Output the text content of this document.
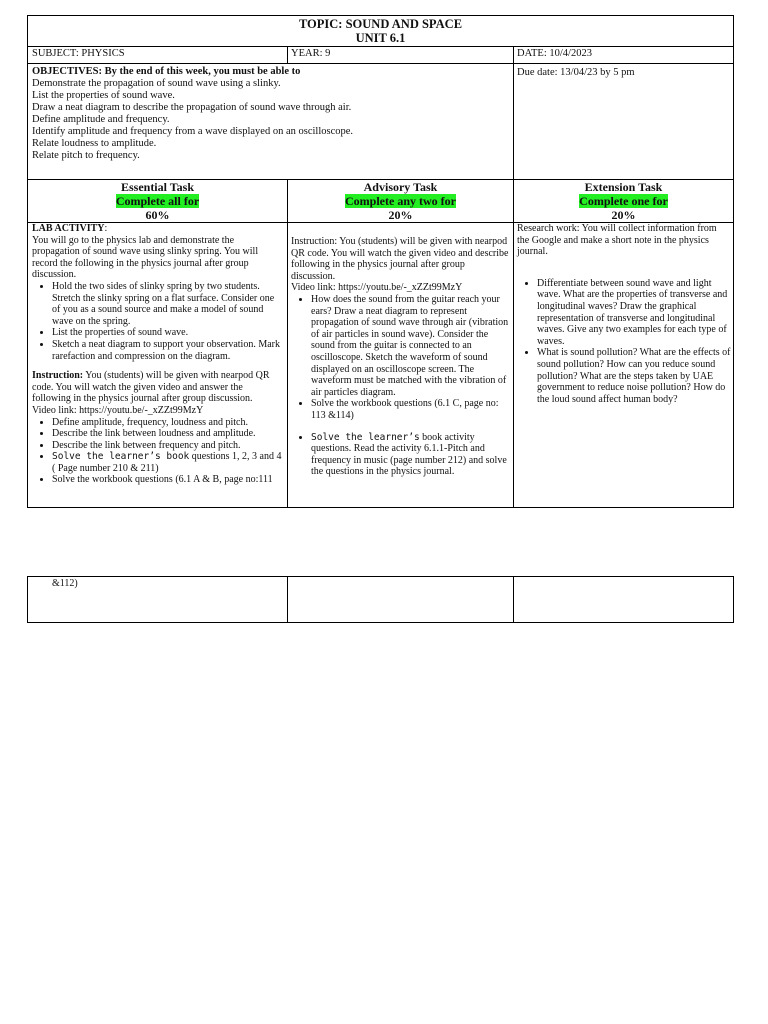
TOPIC: SOUND AND SPACE
UNIT 6.1
SUBJECT: PHYSICS	YEAR: 9	DATE: 10/4/2023
OBJECTIVES: By the end of this week, you must be able to
Demonstrate the propagation of sound wave using a slinky.
List the properties of sound wave.
Draw a neat diagram to describe the propagation of sound wave through air.
Define amplitude and frequency.
Identify amplitude and frequency from a wave displayed on an oscilloscope.
Relate loudness to amplitude.
Relate pitch to frequency.
Due date: 13/04/23 by 5 pm
Essential Task
Complete all for
60%
Advisory Task
Complete any two for
20%
Extension Task
Complete one for
20%
LAB ACTIVITY:

You will go to the physics lab and demonstrate the propagation of sound wave using slinky spring. You will record the following in the physics journal after group discussion.

• Hold the two sides of slinky spring by two students. Stretch the slinky spring on a flat surface. Consider one of you as a sound source and make a model of sound wave on the spring.
• List the properties of sound wave.
• Sketch a neat diagram to support your observation. Mark rarefaction and compression on the diagram.

Instruction: You (students) will be given with nearpod QR code. You will watch the given video and answer the following in the physics journal after group discussion.

Video link: https://youtu.be/-_xZZt99MzY

• Define amplitude, frequency, loudness and pitch.
• Describe the link between loudness and amplitude.
• Describe the link between frequency and pitch.
• Solve the learner’s book questions 1, 2, 3 and 4 ( Page number 210 & 211)
• Solve the workbook questions (6.1 A & B, page no:111

Instruction: You (students) will be given with nearpod QR code. You will watch the given video and describe following in the physics journal after group discussion.

Video link: https://youtu.be/-_xZZt99MzY

• How does the sound from the guitar reach your ears? Draw a neat diagram to represent propagation of sound wave through air (vibration of air particles in sound wave). Consider the sound from the guitar is connected to an oscilloscope. Sketch the waveform of sound displayed on an oscilloscope screen. The waveform must be matched with the vibration of air particles diagram.
• Solve the workbook questions (6.1 C, page no: 113 &114)
• Solve the learner’s book activity questions. Read the activity 6.1.1-Pitch and frequency in music (page number 212) and solve the questions in the physics journal.

Research work: You will collect information from the Google and make a short note in the physics journal.

• Differentiate between sound wave and light wave. What are the properties of transverse and longitudinal waves? Draw the graphical representation of transverse and longitudinal waves. Give any two examples for each type of waves.
• What is sound pollution? What are the effects of sound pollution? How can you reduce sound pollution? What are the steps taken by UAE government to reduce noise pollution? How do the loud sound affect human body?
&112)
